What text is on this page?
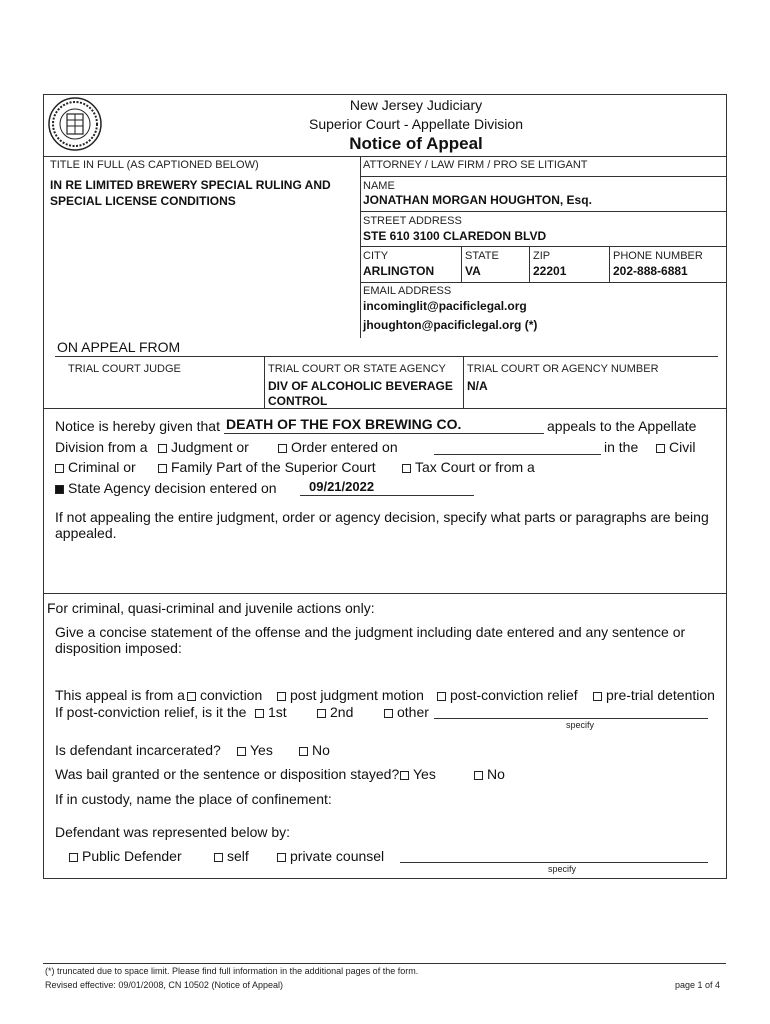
New Jersey Judiciary
Superior Court - Appellate Division
Notice of Appeal
TITLE IN FULL (AS CAPTIONED BELOW)
IN RE LIMITED BREWERY SPECIAL RULING AND
SPECIAL LICENSE CONDITIONS
ATTORNEY / LAW FIRM / PRO SE LITIGANT
NAME
JONATHAN MORGAN HOUGHTON, Esq.
STREET ADDRESS
STE 610 3100 CLAREDON BLVD
CITY
ARLINGTON
STATE
VA
ZIP
22201
PHONE NUMBER
202-888-6881
EMAIL ADDRESS
incominglit@pacificlegal.org
jhoughton@pacificlegal.org (*)
ON APPEAL FROM
TRIAL COURT JUDGE	TRIAL COURT OR STATE AGENCY
DIV OF ALCOHOLIC BEVERAGE
CONTROL
TRIAL COURT OR AGENCY NUMBER
N/A
Notice is hereby given that DEATH OF THE FOX BREWING CO.	appeals to the Appellate
Division from a	Judgment or	Order entered on	in the	Civil
Criminal or	Family Part of the Superior Court	Tax Court or from a
State Agency decision entered on 09/21/2022
If not appealing the entire judgment, order or agency decision, specify what parts or paragraphs are being
appealed.
For criminal, quasi-criminal and juvenile actions only:
Give a concise statement of the offense and the judgment including date entered and any sentence or
disposition imposed:
This appeal is from a	conviction	post judgment motion	post-conviction relief	pre-trial detention
If post-conviction relief, is it the	1st	2nd	other
specify
Is defendant incarcerated?	Yes	No
Was bail granted or the sentence or disposition stayed? Yes	No
If in custody, name the place of confinement:
Defendant was represented below by:
Public Defender	self	private counsel
specify
(*) truncated due to space limit. Please find full information in the additional pages of the form.
Revised effective: 09/01/2008, CN 10502 (Notice of Appeal)	page 1 of 4
